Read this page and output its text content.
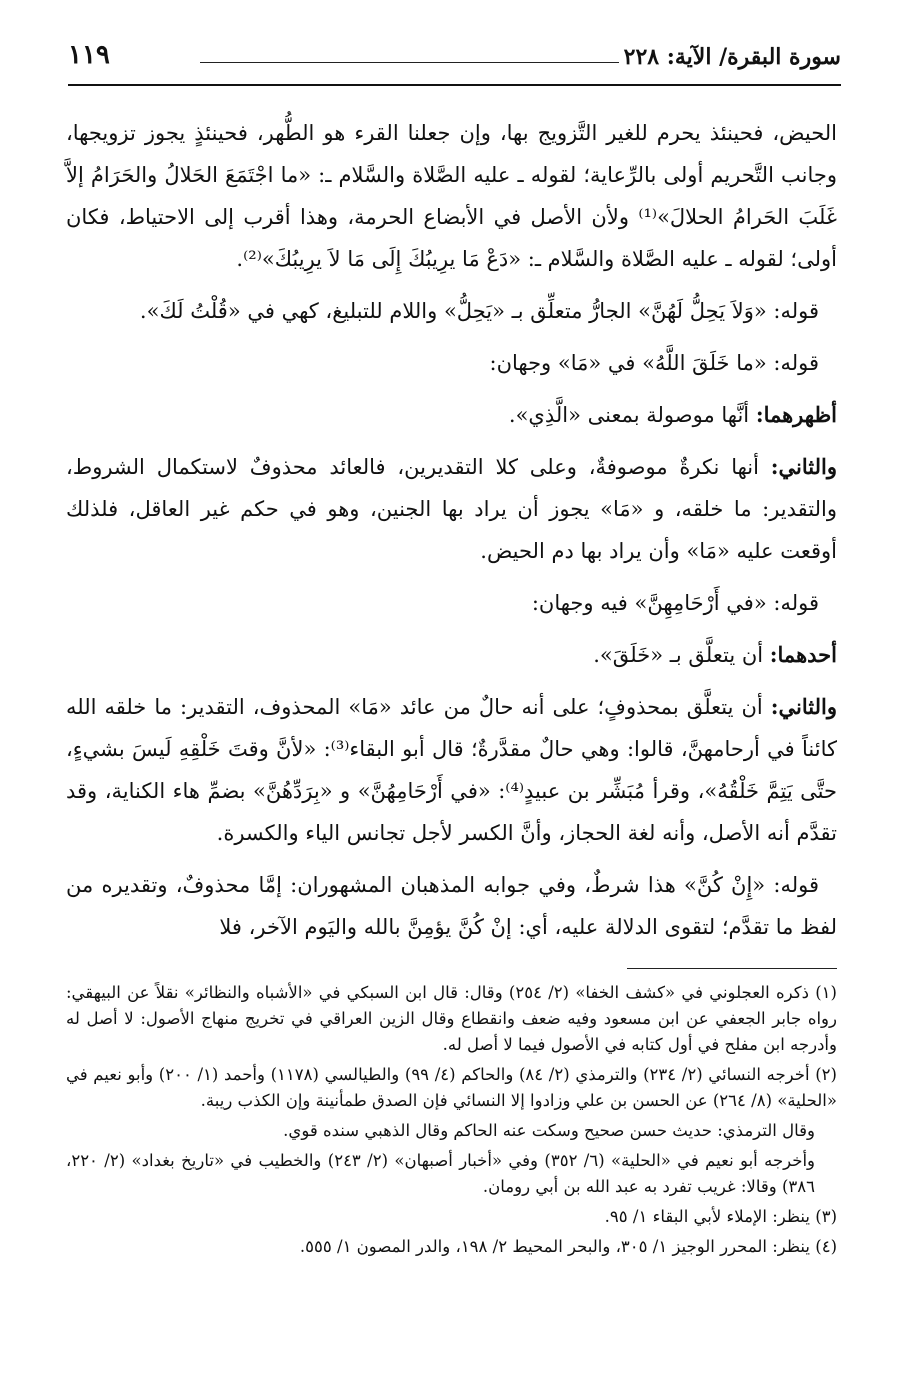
سورة البقرة/ الآية: ٢٢٨
١١٩

الحيض، فحينئذ يحرم للغير التَّزويج بها، وإن جعلنا القرء هو الطُّهر، فحينئذٍ يجوز تزويجها، وجانب التَّحريم أولى بالرِّعاية؛ لقوله ـ عليه الصَّلاة والسَّلام ـ: «ما اجْتَمَعَ الحَلالُ والحَرَامُ إلاَّ غَلَبَ الحَرامُ الحلالَ»⁽¹⁾ ولأن الأصل في الأبضاع الحرمة، وهذا أقرب إلى الاحتياط، فكان أولى؛ لقوله ـ عليه الصَّلاة والسَّلام ـ: «دَعْ مَا يرِيبُكَ إِلَى مَا لاَ يرِيبُكَ»⁽²⁾.

قوله: «وَلاَ يَحِلُّ لَهُنَّ» الجارُّ متعلِّق بـ «يَحِلُّ» واللام للتبليغ، كهي في «قُلْتُ لَكَ».

قوله: «ما خَلَقَ اللَّهُ» في «مَا» وجهان:

أظهرهما: أنَّها موصولة بمعنى «الَّذِي».

والثاني: أنها نكرةٌ موصوفةٌ، وعلى كلا التقديرين، فالعائد محذوفٌ لاستكمال الشروط، والتقدير: ما خلقه، و «مَا» يجوز أن يراد بها الجنين، وهو في حكم غير العاقل، فلذلك أوقعت عليه «مَا» وأن يراد بها دم الحيض.

قوله: «في أَرْحَامِهِنَّ» فيه وجهان:

أحدهما: أن يتعلَّق بـ «خَلَقَ».

والثاني: أن يتعلَّق بمحذوفٍ؛ على أنه حالٌ من عائد «مَا» المحذوف، التقدير: ما خلقه الله كائناً في أرحامهنَّ، قالوا: وهي حالٌ مقدَّرةٌ؛ قال أبو البقاء⁽³⁾: «لأنَّ وقتَ خَلْقِهِ لَيسَ بشيءٍ، حتَّى يَتِمَّ خَلْقُهُ»، وقرأ مُبَشِّر بن عبيدٍ⁽⁴⁾: «في أَرْحَامِهُنَّ» و «بِرَدِّهُنَّ» بضمِّ هاء الكناية، وقد تقدَّم أنه الأصل، وأنه لغة الحجاز، وأنَّ الكسر لأجل تجانس الياء والكسرة.

قوله: «إِنْ كُنَّ» هذا شرطٌ، وفي جوابه المذهبان المشهوران: إمَّا محذوفٌ، وتقديره من لفظ ما تقدَّم؛ لتقوى الدلالة عليه، أي: إنْ كُنَّ يؤمِنَّ بالله واليَوم الآخر، فلا

(١) ذكره العجلوني في «كشف الخفا» (٢/ ٢٥٤) وقال: قال ابن السبكي في «الأشباه والنظائر» نقلاً عن البيهقي: رواه جابر الجعفي عن ابن مسعود وفيه ضعف وانقطاع وقال الزين العراقي في تخريج منهاج الأصول: لا أصل له وأدرجه ابن مفلح في أول كتابه في الأصول فيما لا أصل له.

(٢) أخرجه النسائي (٢/ ٢٣٤) والترمذي (٢/ ٨٤) والحاكم (٤/ ٩٩) والطيالسي (١١٧٨) وأحمد (١/ ٢٠٠) وأبو نعيم في «الحلية» (٨/ ٢٦٤) عن الحسن بن علي وزادوا إلا النسائي فإن الصدق طمأنينة وإن الكذب ريبة.

وقال الترمذي: حديث حسن صحيح وسكت عنه الحاكم وقال الذهبي سنده قوي.

وأخرجه أبو نعيم في «الحلية» (٦/ ٣٥٢) وفي «أخبار أصبهان» (٢/ ٢٤٣) والخطيب في «تاريخ بغداد» (٢/ ٢٢٠، ٣٨٦) وقالا: غريب تفرد به عبد الله بن أبي رومان.

(٣) ينظر: الإملاء لأبي البقاء ١/ ٩٥.

(٤) ينظر: المحرر الوجيز ١/ ٣٠٥، والبحر المحيط ٢/ ١٩٨، والدر المصون ١/ ٥٥٥.
